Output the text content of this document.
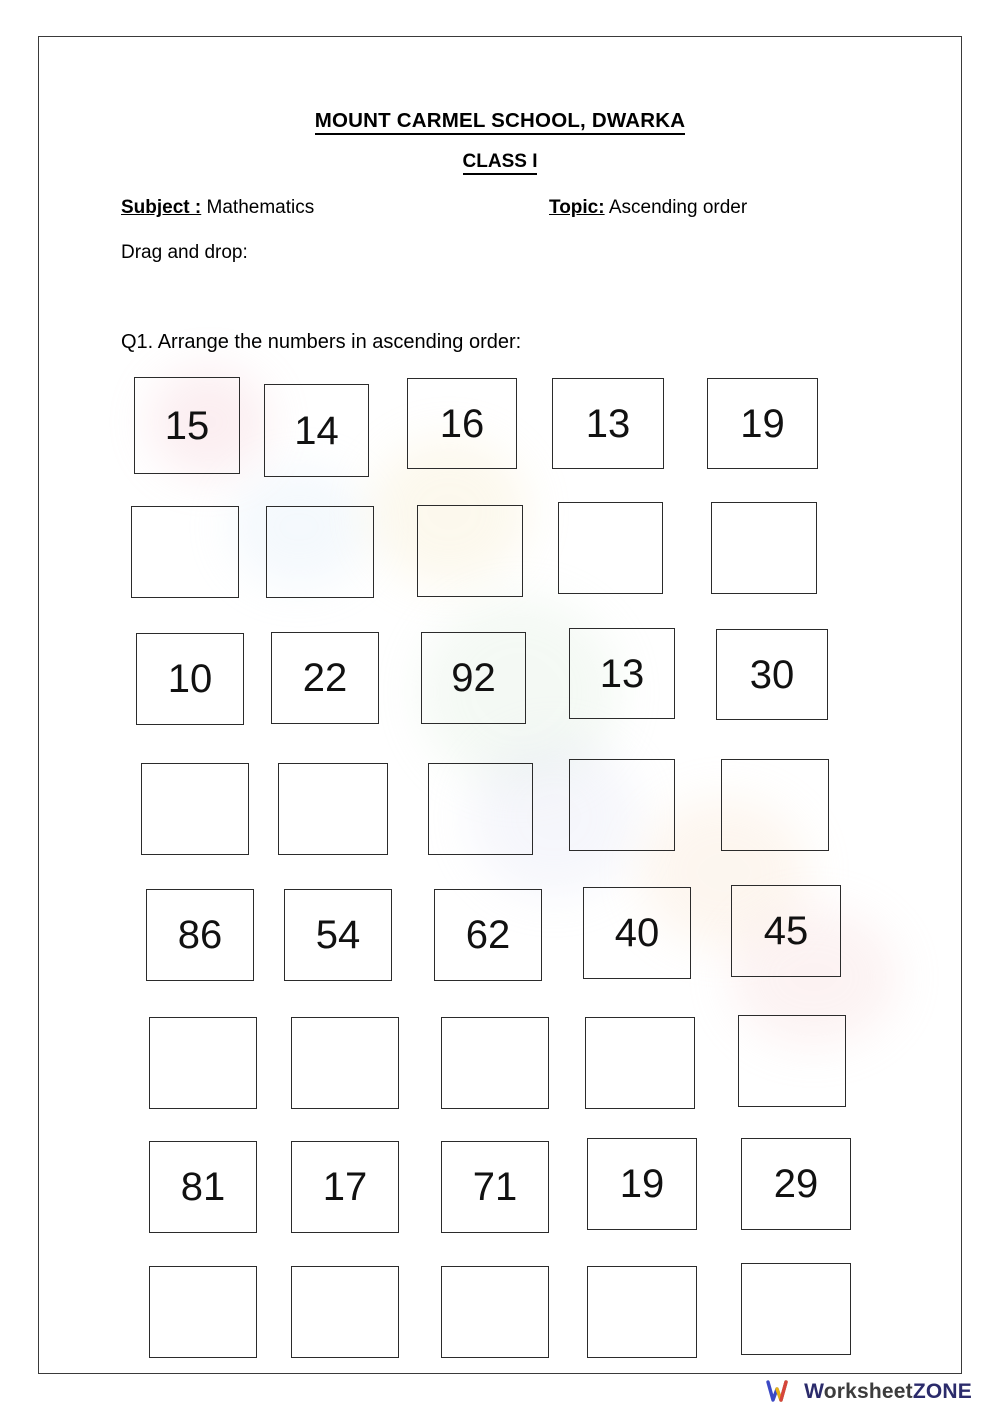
MOUNT CARMEL SCHOOL, DWARKA
CLASS I
Subject : Mathematics	Topic: Ascending order
Drag and drop:
Q1. Arrange the numbers in ascending order:
15	14	16	13	19
10	22	92	13	30
86	54	62	40	45
81	17	71	19	29
WorksheetZONE
